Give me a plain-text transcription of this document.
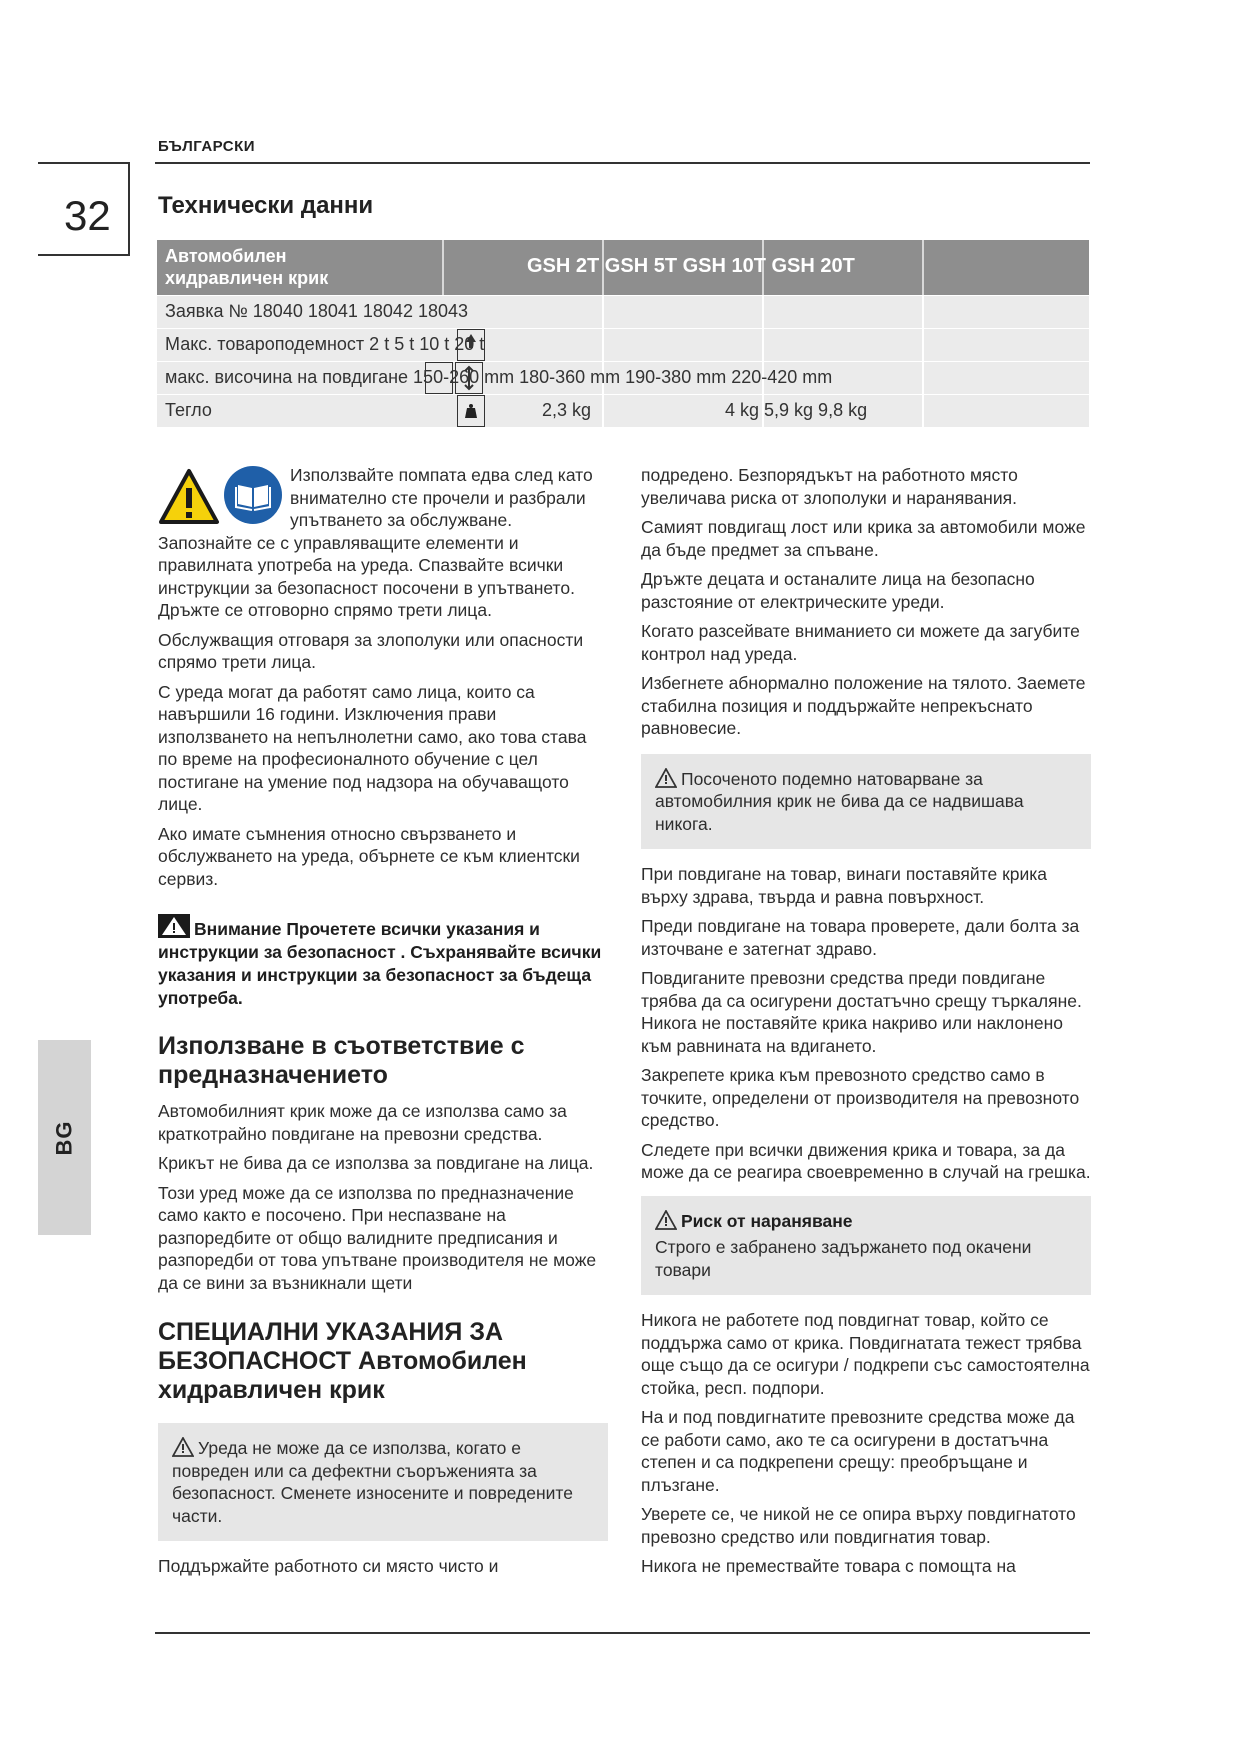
БЪЛГАРСКИ
32
BG
Технически данни
Автомобилен
хидравличен крик
GSH 2T GSH 5T GSH 10T GSH 20T
Заявка № 18040 18041 18042 18043
Макс. товароподемност 2 t 5 t 10 t 20 t
макс. височина на повдигане 150-260 mm 180-360 mm 190-380 mm 220-420 mm
Тегло	2,3 kg	4 kg 5,9 kg 9,8 kg

Използвайте помпата едва след като внимателно сте прочели и разбрали упътването за обслужване. Запознайте се с управляващите елементи и правилната употреба на уреда. Спазвайте всички инструкции за безопасност посочени в упътването. Дръжте се отговорно спрямо трети лица.

Обслужващия отговаря за злополуки или опасности спрямо трети лица.

С уреда могат да работят само лица, които са навършили 16 години. Изключения прави използването на непълнолетни само, ако това става по време на професионалното обучение с цел постигане на умение под надзора на обучаващото лице.

Ако имате съмнения относно свързването и обслужването на уреда, обърнете се към клиентски сервиз.

Внимание Прочетете всички указания и инструкции за безопасност . Съхранявайте всички указания и инструкции за безопасност за бъдеща употреба.
Използване в съответствие с предназначението

Автомобилният крик може да се използва само за краткотрайно повдигане на превозни средства.

Крикът не бива да се използва за повдигане на лица.

Този уред може да се използва по предназначение само както е посочено. При неспазване на разпоредбите от общо валидните предписания и разпоредби от това упътване производителя не може да се вини за възникнали щети

СПЕЦИАЛНИ УКАЗАНИЯ ЗА БЕЗОПАСНОСТ Автомобилен хидравличен крик
Уреда не може да се използва, когато е повреден или са дефектни съоръженията за безопасност. Сменете износените и повредените части.

Поддържайте работното си място чисто и

подредено. Безпорядъкът на работното място увеличава риска от злополуки и наранявания.

Самият повдигащ лост или крика за автомобили може да бъде предмет за спъване.

Дръжте децата и останалите лица на безопасно разстояние от електрическите уреди.

Когато разсейвате вниманието си можете да загубите контрол над уреда.

Избегнете абнормално положение на тялото. Заемете стабилна позиция и поддържайте непрекъснато равновесие.

Посоченото подемно натоварване за автомобилния крик не бива да се надвишава никога.

При повдигане на товар, винаги поставяйте крика върху здрава, твърда и равна повърхност.

Преди повдигане на товара проверете, дали болта за източване е затегнат здраво.

Повдиганите превозни средства преди повдигане трябва да са осигурени достатъчно срещу търкаляне. Никога не поставяйте крика накриво или наклонено към равнината на вдигането.

Закрепете крика към превозното средство само в точките, определени от производителя на превозното средство.

Следете при всички движения крика и товара, за да може да се реагира своевременно в случай на грешка.

Риск от нараняване
Строго е забранено задържането под окачени товари

Никога не работете под повдигнат товар, който се поддържа само от крика. Повдигнатата тежест трябва още също да се осигури / подкрепи със самостоятелна стойка, респ. подпори.

На и под повдигнатите превозните средства може да се работи само, ако те са осигурени в достатъчна степен и са подкрепени срещу: преобръщане и плъзгане.

Уверете се, че никой не се опира върху повдигнатото превозно средство или повдигнатия товар.

Никога не премествайте товара с помощта на
